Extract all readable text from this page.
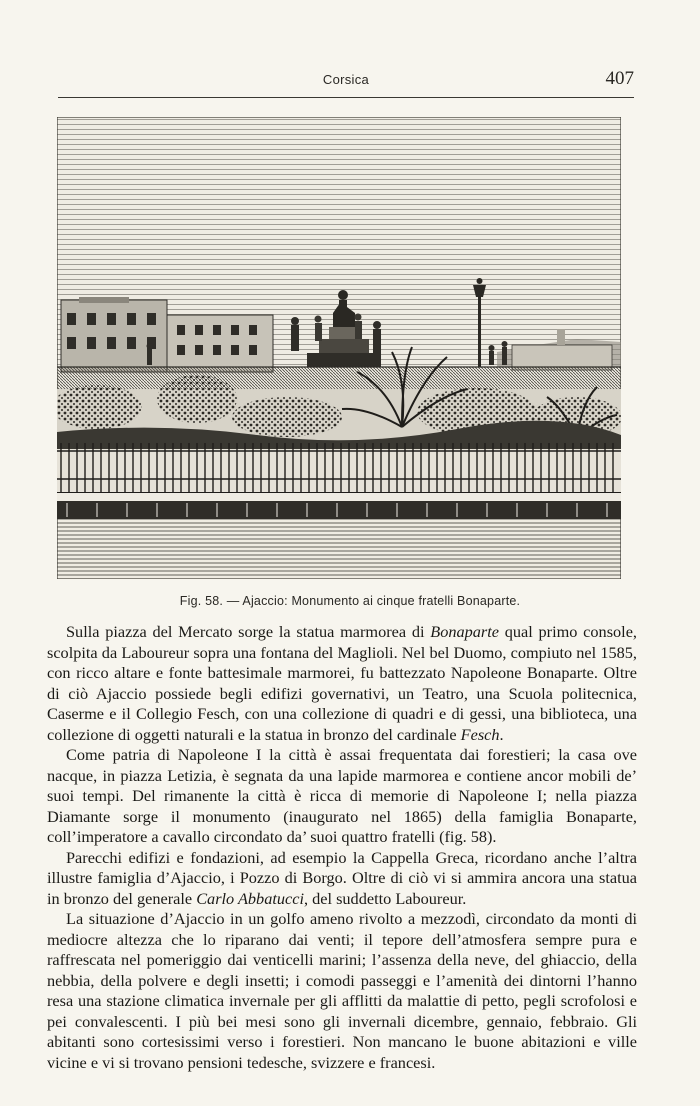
Corsica	407
Fig. 58. — Ajaccio: Monumento ai cinque fratelli Bonaparte.

Sulla piazza del Mercato sorge la statua marmorea di Bonaparte qual primo console, scolpita da Laboureur sopra una fontana del Maglioli. Nel bel Duomo, compiuto nel 1585, con ricco altare e fonte battesimale marmorei, fu battezzato Napoleone Bonaparte. Oltre di ciò Ajaccio possiede begli edifizi governativi, un Teatro, una Scuola politecnica, Caserme e il Collegio Fesch, con una collezione di quadri e di gessi, una biblioteca, una collezione di oggetti naturali e la statua in bronzo del cardinale Fesch.

Come patria di Napoleone I la città è assai frequentata dai forestieri; la casa ove nacque, in piazza Letizia, è segnata da una lapide marmorea e contiene ancor mobili de’ suoi tempi. Del rimanente la città è ricca di memorie di Napoleone I; nella piazza Diamante sorge il monumento (inaugurato nel 1865) della famiglia Bonaparte, coll’imperatore a cavallo circondato da’ suoi quattro fratelli (fig. 58).

Parecchi edifizi e fondazioni, ad esempio la Cappella Greca, ricordano anche l’altra illustre famiglia d’Ajaccio, i Pozzo di Borgo. Oltre di ciò vi si ammira ancora una statua in bronzo del generale Carlo Abbatucci, del suddetto Laboureur.

La situazione d’Ajaccio in un golfo ameno rivolto a mezzodì, circondato da monti di mediocre altezza che lo riparano dai venti; il tepore dell’atmosfera sempre pura e raffrescata nel pomeriggio dai venticelli marini; l’assenza della neve, del ghiaccio, della nebbia, della polvere e degli insetti; i comodi passeggi e l’amenità dei dintorni l’hanno resa una stazione climatica invernale per gli afflitti da malattie di petto, pegli scrofolosi e pei convalescenti. I più bei mesi sono gli invernali dicembre, gennaio, febbraio. Gli abitanti sono cortesissimi verso i forestieri. Non mancano le buone abitazioni e ville vicine e vi si trovano pensioni tedesche, svizzere e francesi.
